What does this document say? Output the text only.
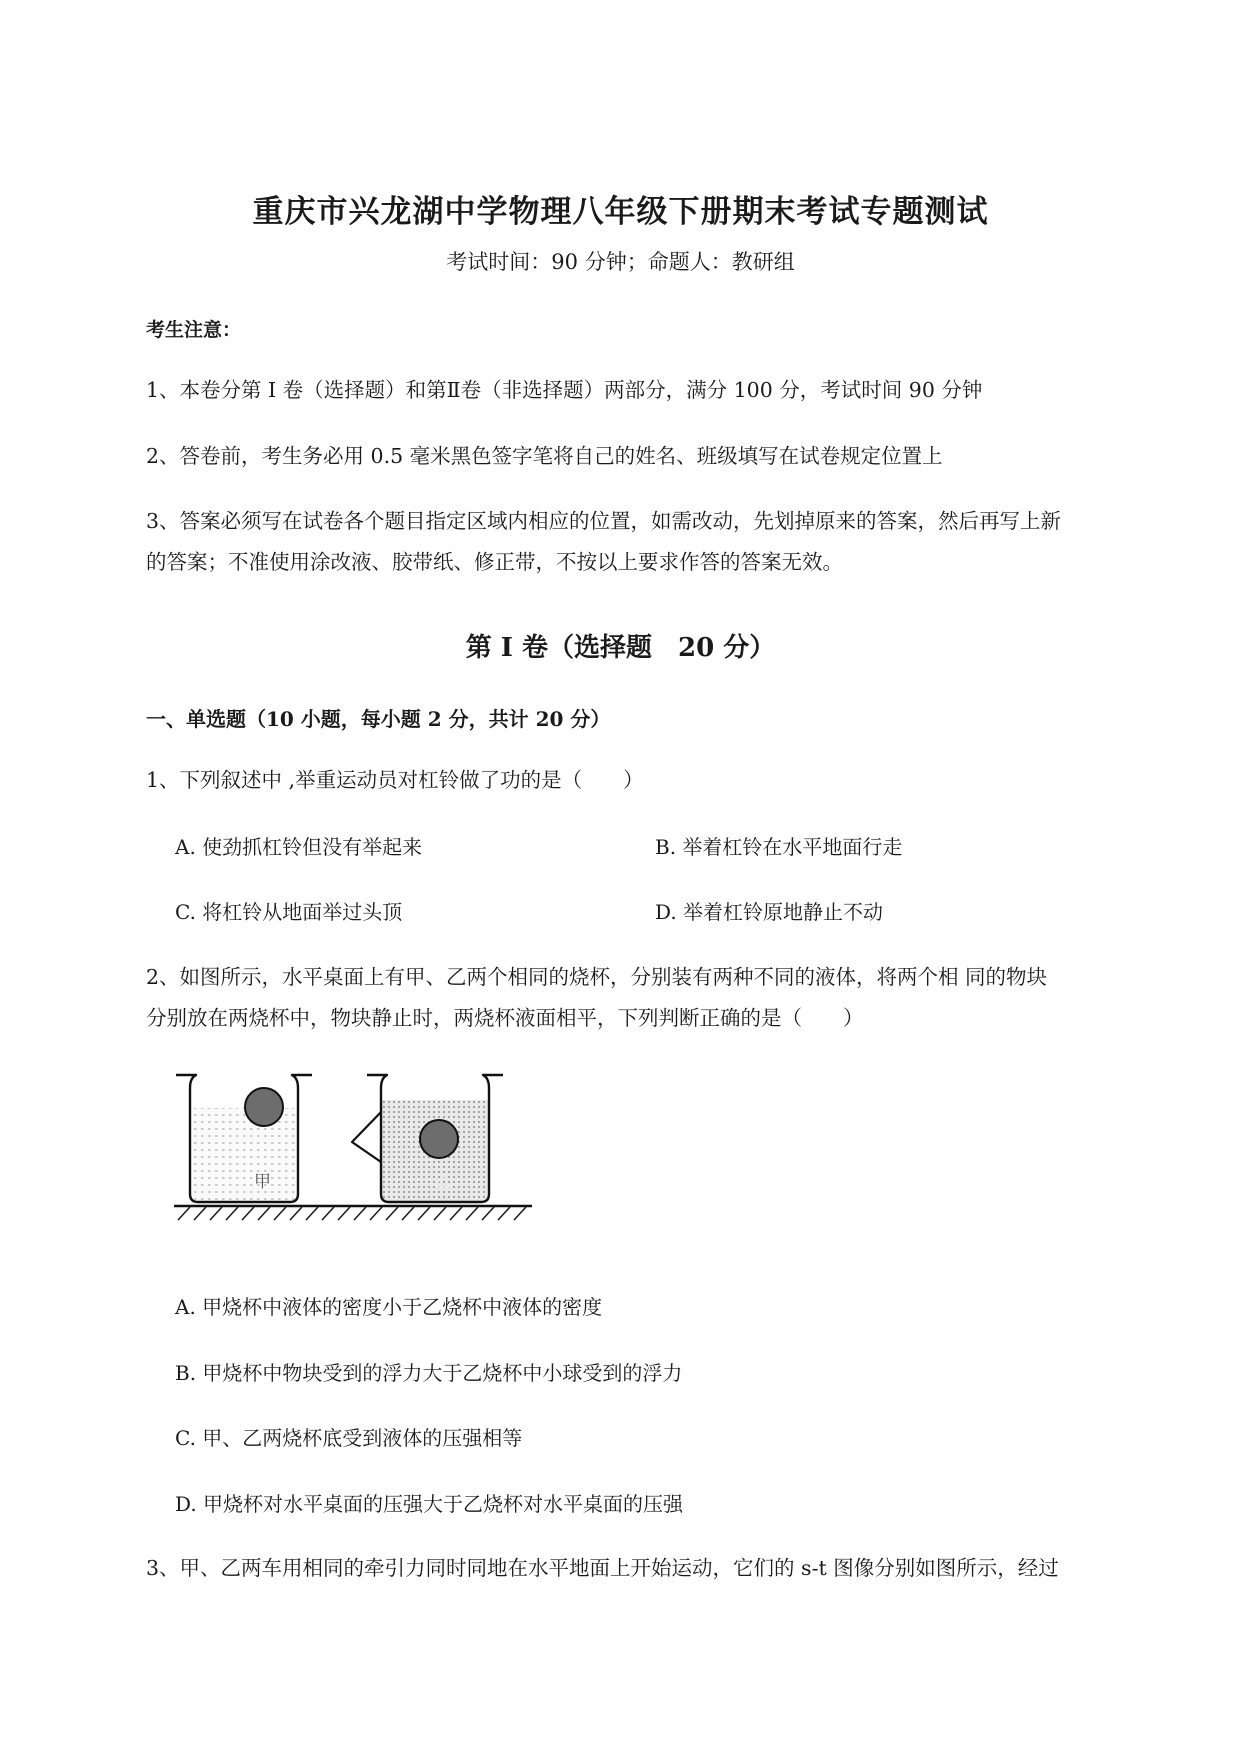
重庆市兴龙湖中学物理八年级下册期末考试专题测试
考试时间：90 分钟；命题人：教研组
考生注意：
1、本卷分第 I 卷（选择题）和第Ⅱ卷（非选择题）两部分，满分 100 分，考试时间 90 分钟
2、答卷前，考生务必用 0.5 毫米黑色签字笔将自己的姓名、班级填写在试卷规定位置上
3、答案必须写在试卷各个题目指定区域内相应的位置，如需改动，先划掉原来的答案，然后再写上新
的答案；不准使用涂改液、胶带纸、修正带，不按以上要求作答的答案无效。
第 I 卷（选择题　20 分）
一、单选题（10 小题，每小题 2 分，共计 20 分）
1、下列叙述中 ,举重运动员对杠铃做了功的是（　　）
A. 使劲抓杠铃但没有举起来	B. 举着杠铃在水平地面行走
C. 将杠铃从地面举过头顶	D. 举着杠铃原地静止不动
2、如图所示，水平桌面上有甲、乙两个相同的烧杯，分别装有两种不同的液体，将两个相 同的物块
分别放在两烧杯中，物块静止时，两烧杯液面相平，下列判断正确的是（　　）
甲	乙
A. 甲烧杯中液体的密度小于乙烧杯中液体的密度
B. 甲烧杯中物块受到的浮力大于乙烧杯中小球受到的浮力
C. 甲、乙两烧杯底受到液体的压强相等
D. 甲烧杯对水平桌面的压强大于乙烧杯对水平桌面的压强
3、甲、乙两车用相同的牵引力同时同地在水平地面上开始运动，它们的 s-t 图像分别如图所示，经过
